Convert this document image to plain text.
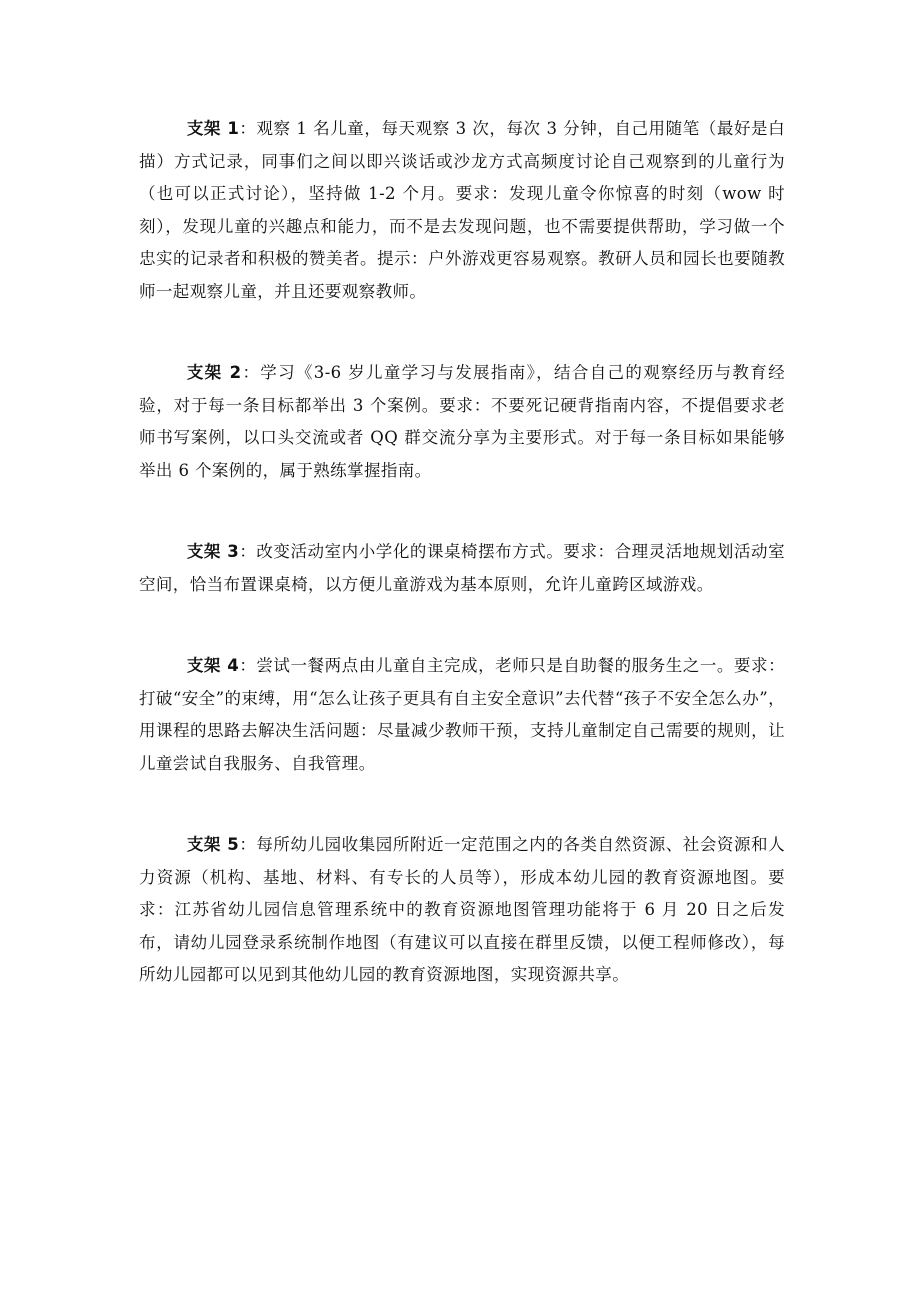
支架 1：观察 1 名儿童，每天观察 3 次，每次 3 分钟，自己用随笔（最好是白描）方式记录，同事们之间以即兴谈话或沙龙方式高频度讨论自己观察到的儿童行为（也可以正式讨论），坚持做 1-2 个月。要求：发现儿童令你惊喜的时刻（wow 时刻），发现儿童的兴趣点和能力，而不是去发现问题，也不需要提供帮助，学习做一个忠实的记录者和积极的赞美者。提示：户外游戏更容易观察。教研人员和园长也要随教师一起观察儿童，并且还要观察教师。

支架 2：学习《3-6 岁儿童学习与发展指南》，结合自己的观察经历与教育经验，对于每一条目标都举出 3 个案例。要求：不要死记硬背指南内容，不提倡要求老师书写案例，以口头交流或者 QQ 群交流分享为主要形式。对于每一条目标如果能够举出 6 个案例的，属于熟练掌握指南。

支架 3：改变活动室内小学化的课桌椅摆布方式。要求：合理灵活地规划活动室空间，恰当布置课桌椅，以方便儿童游戏为基本原则，允许儿童跨区域游戏。

支架 4：尝试一餐两点由儿童自主完成，老师只是自助餐的服务生之一。要求：打破“安全”的束缚，用“怎么让孩子更具有自主安全意识”去代替“孩子不安全怎么办”，用课程的思路去解决生活问题：尽量减少教师干预，支持儿童制定自己需要的规则，让儿童尝试自我服务、自我管理。

支架 5：每所幼儿园收集园所附近一定范围之内的各类自然资源、社会资源和人力资源（机构、基地、材料、有专长的人员等），形成本幼儿园的教育资源地图。要求：江苏省幼儿园信息管理系统中的教育资源地图管理功能将于 6 月 20 日之后发布，请幼儿园登录系统制作地图（有建议可以直接在群里反馈，以便工程师修改），每所幼儿园都可以见到其他幼儿园的教育资源地图，实现资源共享。
